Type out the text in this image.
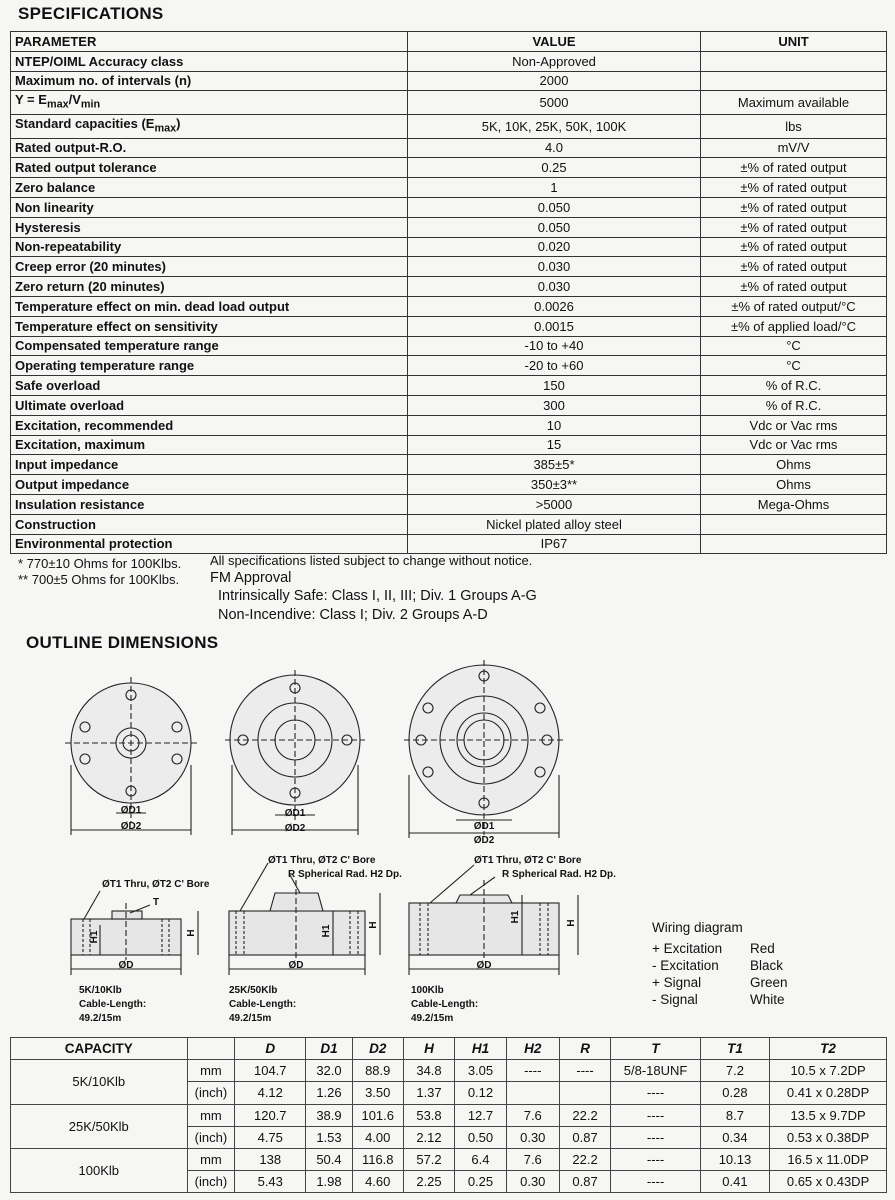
SPECIFICATIONS
PARAMETER	VALUE	UNIT
NTEP/OIML Accuracy class	Non-Approved	
Maximum no. of intervals (n)	2000	
$Y = E_{max}/V_{min}$	5000	Maximum available
Standard capacities $(E_{max})$	5K, 10K, 25K, 50K, 100K	lbs
Rated output-R.O.	4.0	mV/V
Rated output tolerance	0.25	±% of rated output
Zero balance	1	±% of rated output
Non linearity	0.050	±% of rated output
Hysteresis	0.050	±% of rated output
Non-repeatability	0.020	±% of rated output
Creep error (20 minutes)	0.030	±% of rated output
Zero return (20 minutes)	0.030	±% of rated output
Temperature effect on min. dead load output	0.0026	±% of rated output/°C
Temperature effect on sensitivity	0.0015	±% of applied load/°C
Compensated temperature range	-10 to +40	°C
Operating temperature range	-20 to +60	°C
Safe overload	150	% of R.C.
Ultimate overload	300	% of R.C.
Excitation, recommended	10	Vdc or Vac rms
Excitation, maximum	15	Vdc or Vac rms
Input impedance	385±5*	Ohms
Output impedance	350±3**	Ohms
Insulation resistance	>5000	Mega-Ohms
Construction	Nickel plated alloy steel	
Environmental protection	IP67	
* 770±10 Ohms for 100Klbs.
** 700±5 Ohms for 100Klbs.
All specifications listed subject to change without notice.
FM Approval
Intrinsically Safe: Class I, II, III; Div. 1 Groups A-G
Non-Incendive: Class I; Div. 2 Groups A-D
OUTLINE DIMENSIONS
ØD1
ØD2
ØD1
ØD2	ØD1
ØD2
ØD	ØD	ØD
T
H
H1
H
H1
H
H1
ØT1 Thru, ØT2 C' Bore
ØT1 Thru, ØT2 C' Bore
R Spherical Rad. H2 Dp.
ØT1 Thru, ØT2 C' Bore
R Spherical Rad. H2 Dp.
5K/10Klb
Cable-Length:
49.2/15m
25K/50Klb
Cable-Length:
49.2/15m
100Klb
Cable-Length:
49.2/15m
Wiring diagram
+ Excitation Red
- Excitation Black
+ Signal	Green
- Signal	White
CAPACITY		D	D1	D2	H	H1	H2	R	T	T1	T2
5K/10Klb	mm	104.7	32.0	88.9	34.8	3.05	----	----	5/8-18UNF	7.2	10.5 x 7.2DP
	(inch)	4.12	1.26	3.50	1.37	0.12			----	0.28	0.41 x 0.28DP
25K/50Klb	mm	120.7	38.9	101.6	53.8	12.7	7.6	22.2	----	8.7	13.5 x 9.7DP
	(inch)	4.75	1.53	4.00	2.12	0.50	0.30	0.87	----	0.34	0.53 x 0.38DP
100Klb	mm	138	50.4	116.8	57.2	6.4	7.6	22.2	----	10.13	16.5 x 11.0DP
	(inch)	5.43	1.98	4.60	2.25	0.25	0.30	0.87	----	0.41	0.65 x 0.43DP
